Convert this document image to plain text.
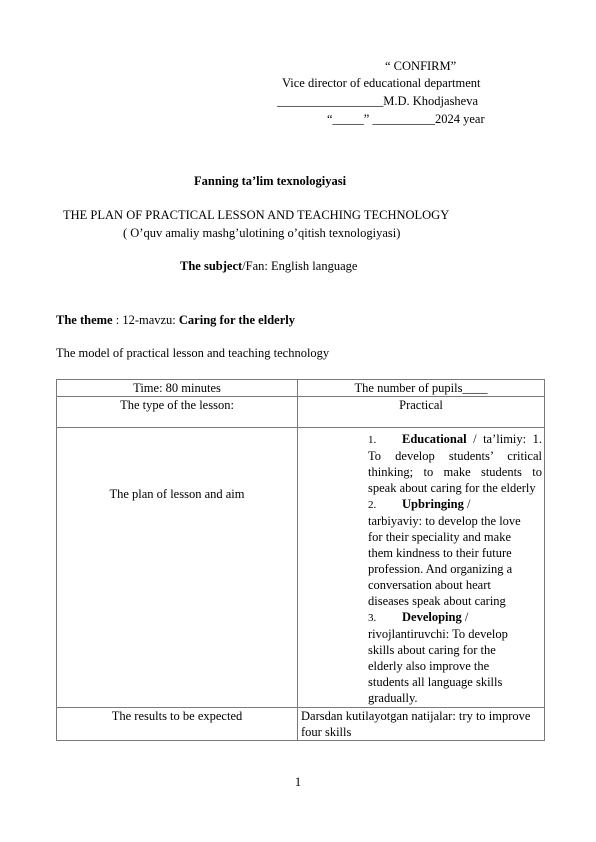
“ CONFIRM”
Vice director of educational department
_________________M.D. Khodjasheva
“_____” __________2024 year
Fanning ta’lim texnologiyasi
THE PLAN OF PRACTICAL LESSON AND TEACHING TECHNOLOGY
( O’quv amaliy mashg’ulotining o’qitish texnologiyasi)
The subject/Fan: English language
The theme : 12-mavzu: Caring for the elderly
The model of practical lesson and teaching technology
Time: 80 minutes	The number of pupils____
The type of the lesson:	Practical
The plan of lesson and aim	1. Educational / ta’limiy: 1. To develop students’ critical thinking; to make students to speak about caring for the elderly
2. Upbringing /
tarbiyaviy: to develop the love for their speciality and make them kindness to their future profession. And organizing a conversation about heart diseases speak about caring
3. Developing /
rivojlantiruvchi: To develop skills about caring for the elderly also improve the students all language skills gradually.

The results to be expected	Darsdan kutilayotgan natijalar: try to improve four skills
1
